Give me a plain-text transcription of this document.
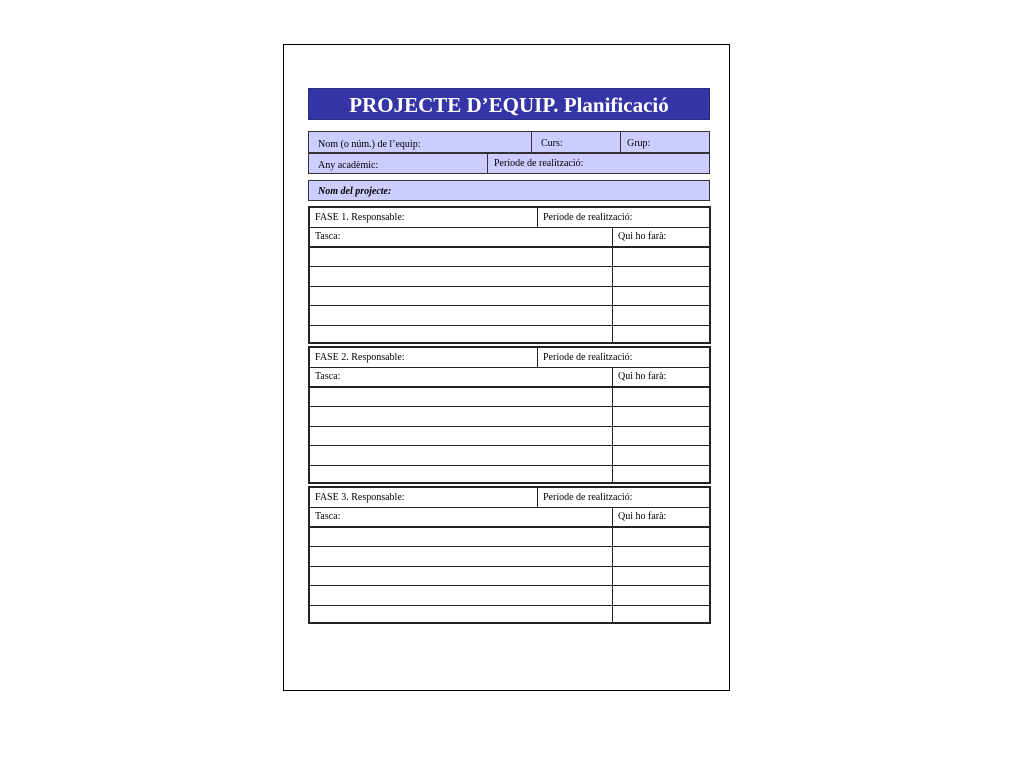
PROJECTE D’EQUIP. Planificació
Nom (o núm.) de l’equip:	Curs:	Grup:
Any acadèmic:	Període de realització:
Nom del projecte:
FASE 1. Responsable:	Període de realització:
Tasca:	Qui ho farà:
FASE 2. Responsable:	Període de realització:
Tasca:	Qui ho farà:
FASE 3. Responsable:	Període de realització:
Tasca:	Qui ho farà:
